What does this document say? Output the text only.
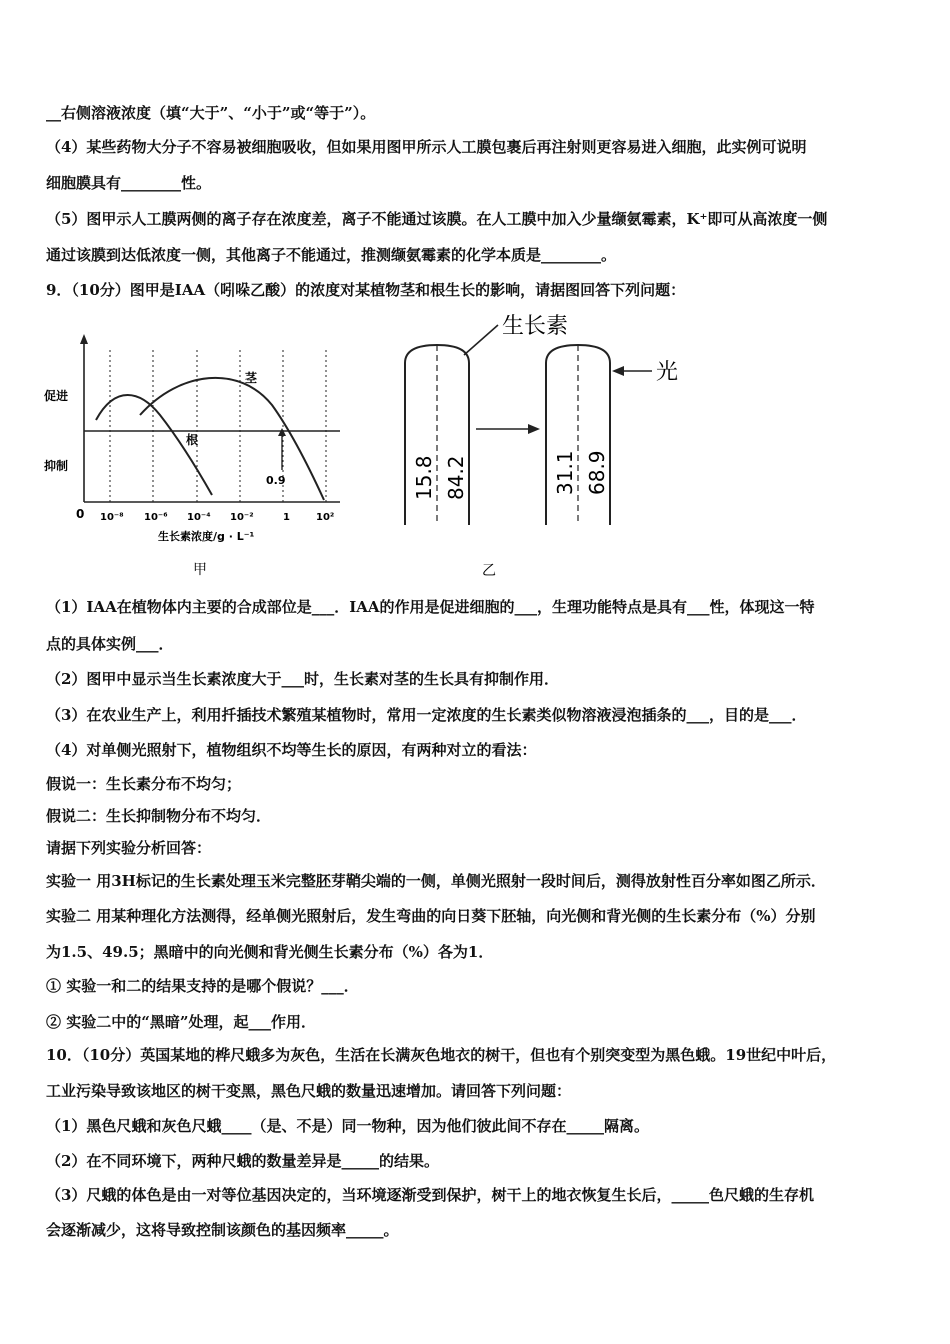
__右侧溶液浓度（填“大于”、“小于”或“等于”）。
（4）某些药物大分子不容易被细胞吸收，但如果用图甲所示人工膜包裹后再注射则更容易进入细胞，此实例可说明
细胞膜具有________性。
（5）图甲示人工膜两侧的离子存在浓度差，离子不能通过该膜。在人工膜中加入少量缬氨霉素，K⁺即可从高浓度一侧
通过该膜到达低浓度一侧，其他离子不能通过，推测缬氨霉素的化学本质是________。
9．（10分）图甲是IAA（吲哚乙酸）的浓度对某植物茎和根生长的影响，请据图回答下列问题：
0.9
促进
抑制
茎
根
0 10⁻⁸ 10⁻⁶ 10⁻⁴ 10⁻²	1	10²
生长素浓度/g · L⁻¹
甲
生长素
15.8 84.2
光
31.1 68.9
乙
（1）IAA在植物体内主要的合成部位是___．IAA的作用是促进细胞的___，生理功能特点是具有___性，体现这一特
点的具体实例___．
（2）图甲中显示当生长素浓度大于___时，生长素对茎的生长具有抑制作用．
（3）在农业生产上，利用扦插技术繁殖某植物时，常用一定浓度的生长素类似物溶液浸泡插条的___，目的是___．
（4）对单侧光照射下，植物组织不均等生长的原因，有两种对立的看法：
假说一：生长素分布不均匀；
假说二：生长抑制物分布不均匀．
请据下列实验分析回答：
实验一 用3H标记的生长素处理玉米完整胚芽鞘尖端的一侧，单侧光照射一段时间后，测得放射性百分率如图乙所示．
实验二 用某种理化方法测得，经单侧光照射后，发生弯曲的向日葵下胚轴，向光侧和背光侧的生长素分布（%）分别
为1.5、49.5；黑暗中的向光侧和背光侧生长素分布（%）各为1．
① 实验一和二的结果支持的是哪个假说？___．
② 实验二中的“黑暗”处理，起___作用．
10．（10分）英国某地的桦尺蛾多为灰色，生活在长满灰色地衣的树干，但也有个别突变型为黑色蛾。19世纪中叶后，
工业污染导致该地区的树干变黑，黑色尺蛾的数量迅速增加。请回答下列问题：
（1）黑色尺蛾和灰色尺蛾____（是、不是）同一物种，因为他们彼此间不存在_____隔离。
（2）在不同环境下，两种尺蛾的数量差异是_____的结果。
（3）尺蛾的体色是由一对等位基因决定的，当环境逐渐受到保护，树干上的地衣恢复生长后，_____色尺蛾的生存机
会逐渐减少，这将导致控制该颜色的基因频率_____。
